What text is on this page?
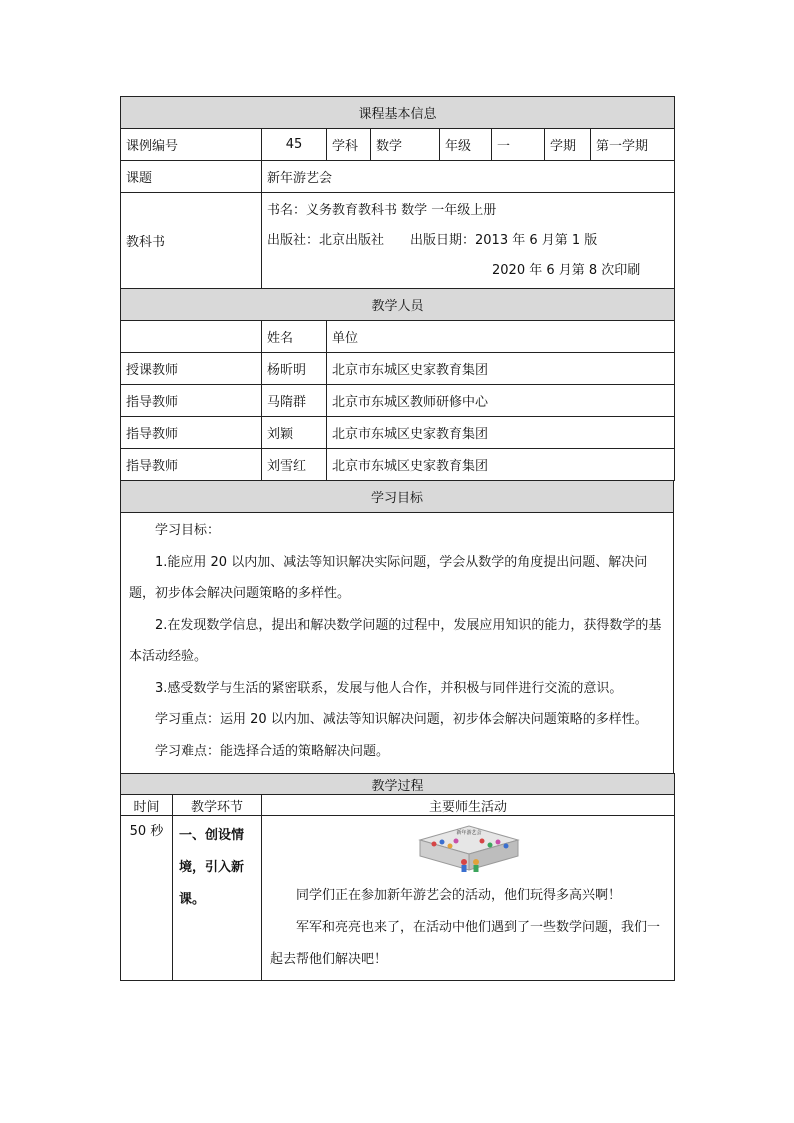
课程基本信息							
课例编号	45	学科	数学	年级	一	学期	第一学期
课题	新年游艺会						
教科书	书名：义务教育教科书 数学 一年级上册
出版社：北京出版社　　出版日期：2013 年 6 月第 1 版
2020 年 6 月第 8 次印刷						
教学人员		
	姓名	单位
授课教师	杨昕明	北京市东城区史家教育集团
指导教师	马隋群	北京市东城区教师研修中心
指导教师	刘颖	北京市东城区史家教育集团
指导教师	刘雪红	北京市东城区史家教育集团
学习目标

学习目标：

1.能应用 20 以内加、减法等知识解决实际问题，学会从数学的角度提出问题、解决问题，初步体会解决问题策略的多样性。

2.在发现数学信息，提出和解决数学问题的过程中，发展应用知识的能力，获得数学的基本活动经验。

3.感受数学与生活的紧密联系，发展与他人合作，并积极与同伴进行交流的意识。

学习重点：运用 20 以内加、减法等知识解决问题，初步体会解决问题策略的多样性。

学习难点：能选择合适的策略解决问题。

教学过程		
时间	教学环节	主要师生活动
50 秒	一、创设情境，引入新课。	新年游艺会

同学们正在参加新年游艺会的活动，他们玩得多高兴啊！

军军和亮亮也来了，在活动中他们遇到了一些数学问题，我们一起去帮他们解决吧！
